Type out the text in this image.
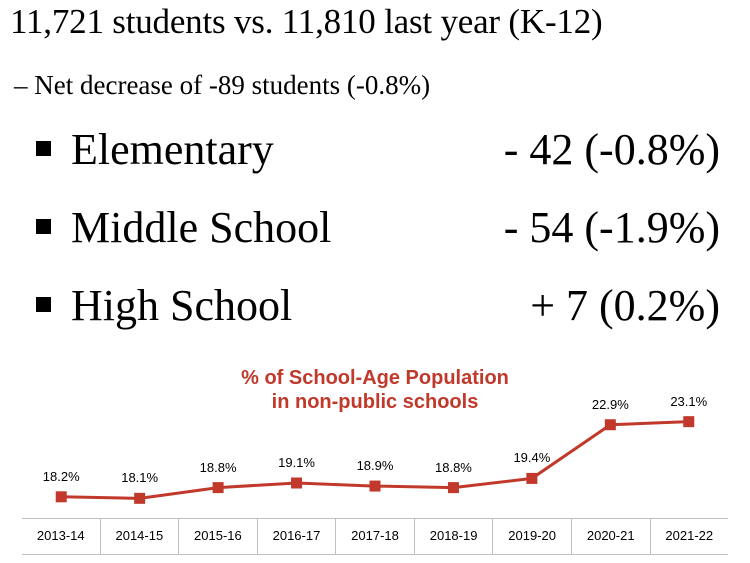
11,721 students vs. 11,810 last year (K-12)
– Net decrease of -89 students (-0.8%)
Elementary	- 42 (-0.8%)
Middle School	- 54 (-1.9%)
High School	+ 7 (0.2%)
% of School-Age Population
in non-public schools
18.2%	18.1%
18.8%	19.1%	18.9%	18.8%
19.4%
22.9%	23.1%
2013-14	2014-15	2015-16	2016-17	2017-18	2018-19	2019-20	2020-21	2021-22
